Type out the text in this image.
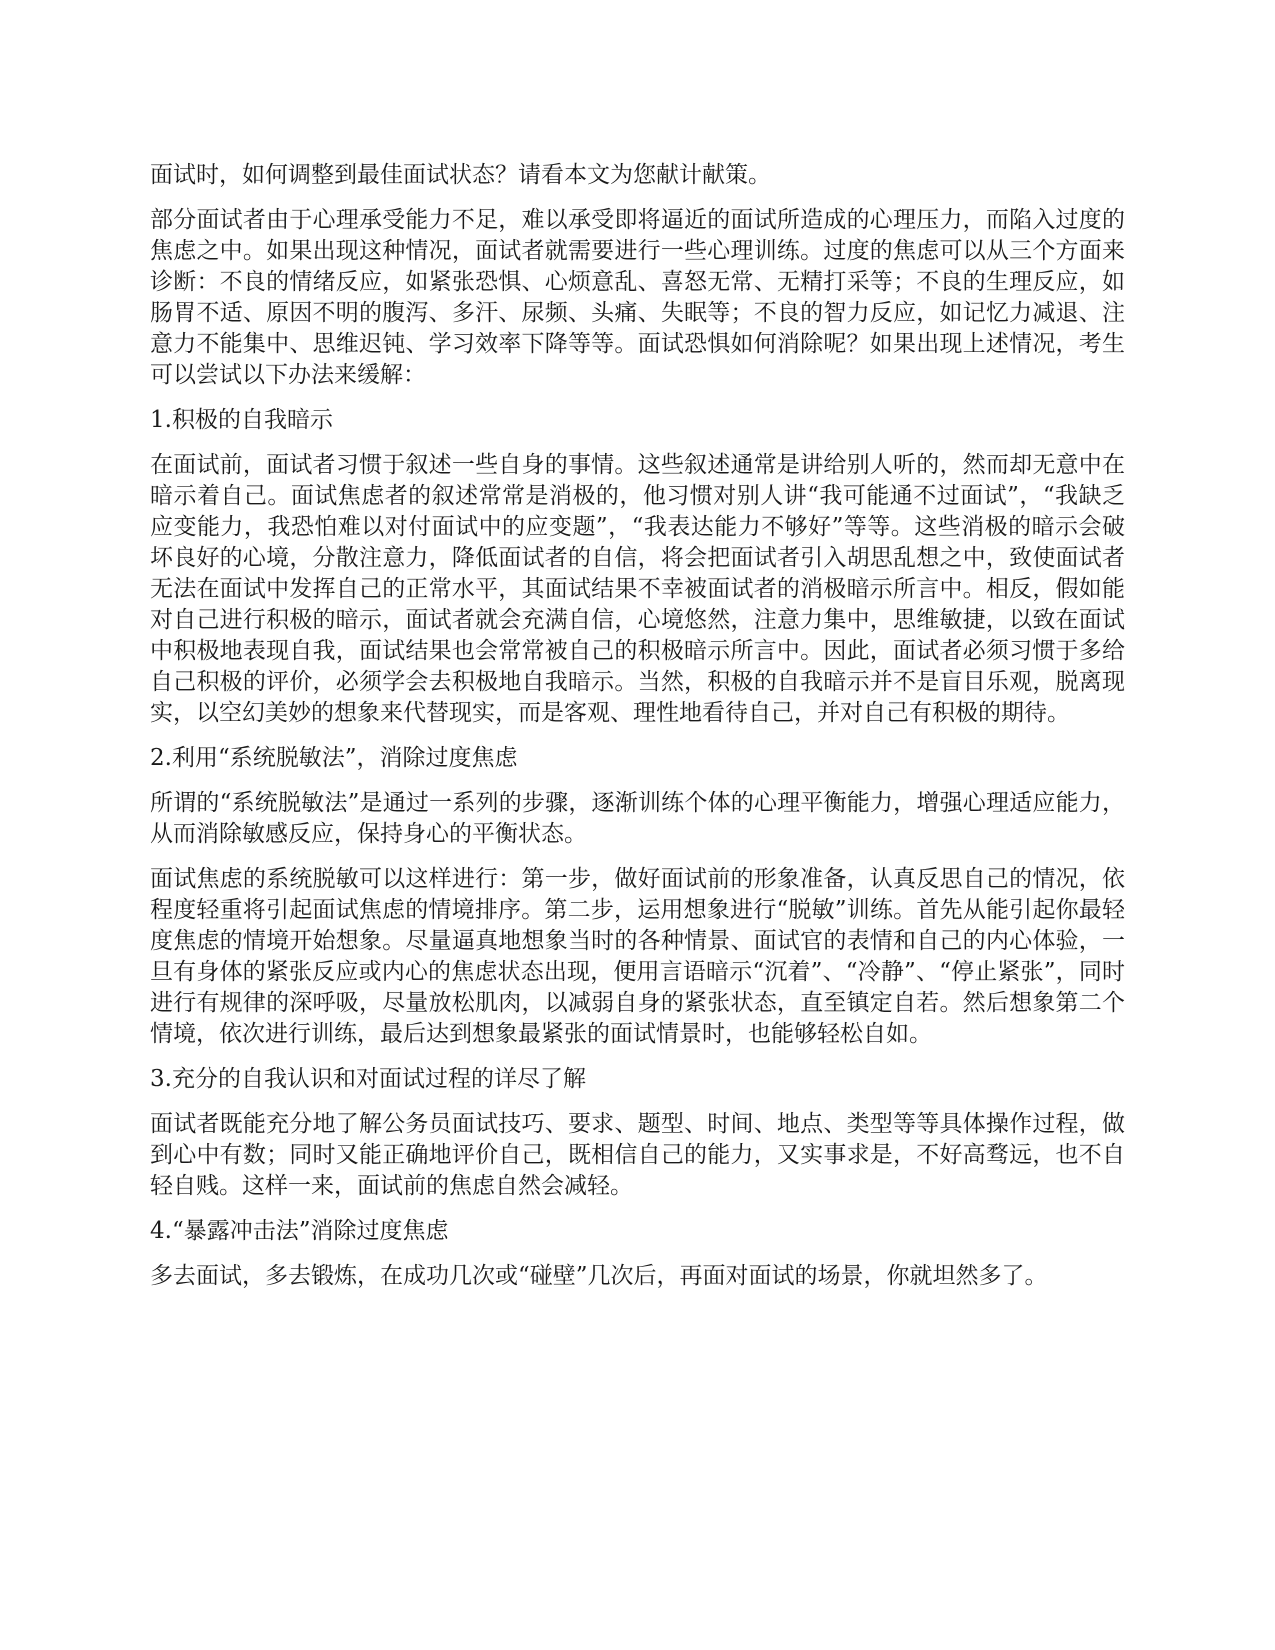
面试时，如何调整到最佳面试状态？请看本文为您献计献策。

部分面试者由于心理承受能力不足，难以承受即将逼近的面试所造成的心理压力，而陷入过度的焦虑之中。如果出现这种情况，面试者就需要进行一些心理训练。过度的焦虑可以从三个方面来诊断：不良的情绪反应，如紧张恐惧、心烦意乱、喜怒无常、无精打采等；不良的生理反应，如肠胃不适、原因不明的腹泻、多汗、尿频、头痛、失眠等；不良的智力反应，如记忆力减退、注意力不能集中、思维迟钝、学习效率下降等等。面试恐惧如何消除呢？如果出现上述情况，考生可以尝试以下办法来缓解：

1.积极的自我暗示

在面试前，面试者习惯于叙述一些自身的事情。这些叙述通常是讲给别人听的，然而却无意中在暗示着自己。面试焦虑者的叙述常常是消极的，他习惯对别人讲“我可能通不过面试”，“我缺乏应变能力，我恐怕难以对付面试中的应变题”，“我表达能力不够好”等等。这些消极的暗示会破坏良好的心境，分散注意力，降低面试者的自信，将会把面试者引入胡思乱想之中，致使面试者无法在面试中发挥自己的正常水平，其面试结果不幸被面试者的消极暗示所言中。相反，假如能对自己进行积极的暗示，面试者就会充满自信，心境悠然，注意力集中，思维敏捷，以致在面试中积极地表现自我，面试结果也会常常被自己的积极暗示所言中。因此，面试者必须习惯于多给自己积极的评价，必须学会去积极地自我暗示。当然，积极的自我暗示并不是盲目乐观，脱离现实，以空幻美妙的想象来代替现实，而是客观、理性地看待自己，并对自己有积极的期待。

2.利用“系统脱敏法”，消除过度焦虑

所谓的“系统脱敏法”是通过一系列的步骤，逐渐训练个体的心理平衡能力，增强心理适应能力，从而消除敏感反应，保持身心的平衡状态。

面试焦虑的系统脱敏可以这样进行：第一步，做好面试前的形象准备，认真反思自己的情况，依程度轻重将引起面试焦虑的情境排序。第二步，运用想象进行“脱敏”训练。首先从能引起你最轻度焦虑的情境开始想象。尽量逼真地想象当时的各种情景、面试官的表情和自己的内心体验，一旦有身体的紧张反应或内心的焦虑状态出现，便用言语暗示“沉着”、“冷静”、“停止紧张”，同时进行有规律的深呼吸，尽量放松肌肉，以减弱自身的紧张状态，直至镇定自若。然后想象第二个情境，依次进行训练，最后达到想象最紧张的面试情景时，也能够轻松自如。

3.充分的自我认识和对面试过程的详尽了解

面试者既能充分地了解公务员面试技巧、要求、题型、时间、地点、类型等等具体操作过程，做到心中有数；同时又能正确地评价自己，既相信自己的能力，又实事求是，不好高骛远，也不自轻自贱。这样一来，面试前的焦虑自然会减轻。

4.“暴露冲击法”消除过度焦虑

多去面试，多去锻炼，在成功几次或“碰壁”几次后，再面对面试的场景，你就坦然多了。
